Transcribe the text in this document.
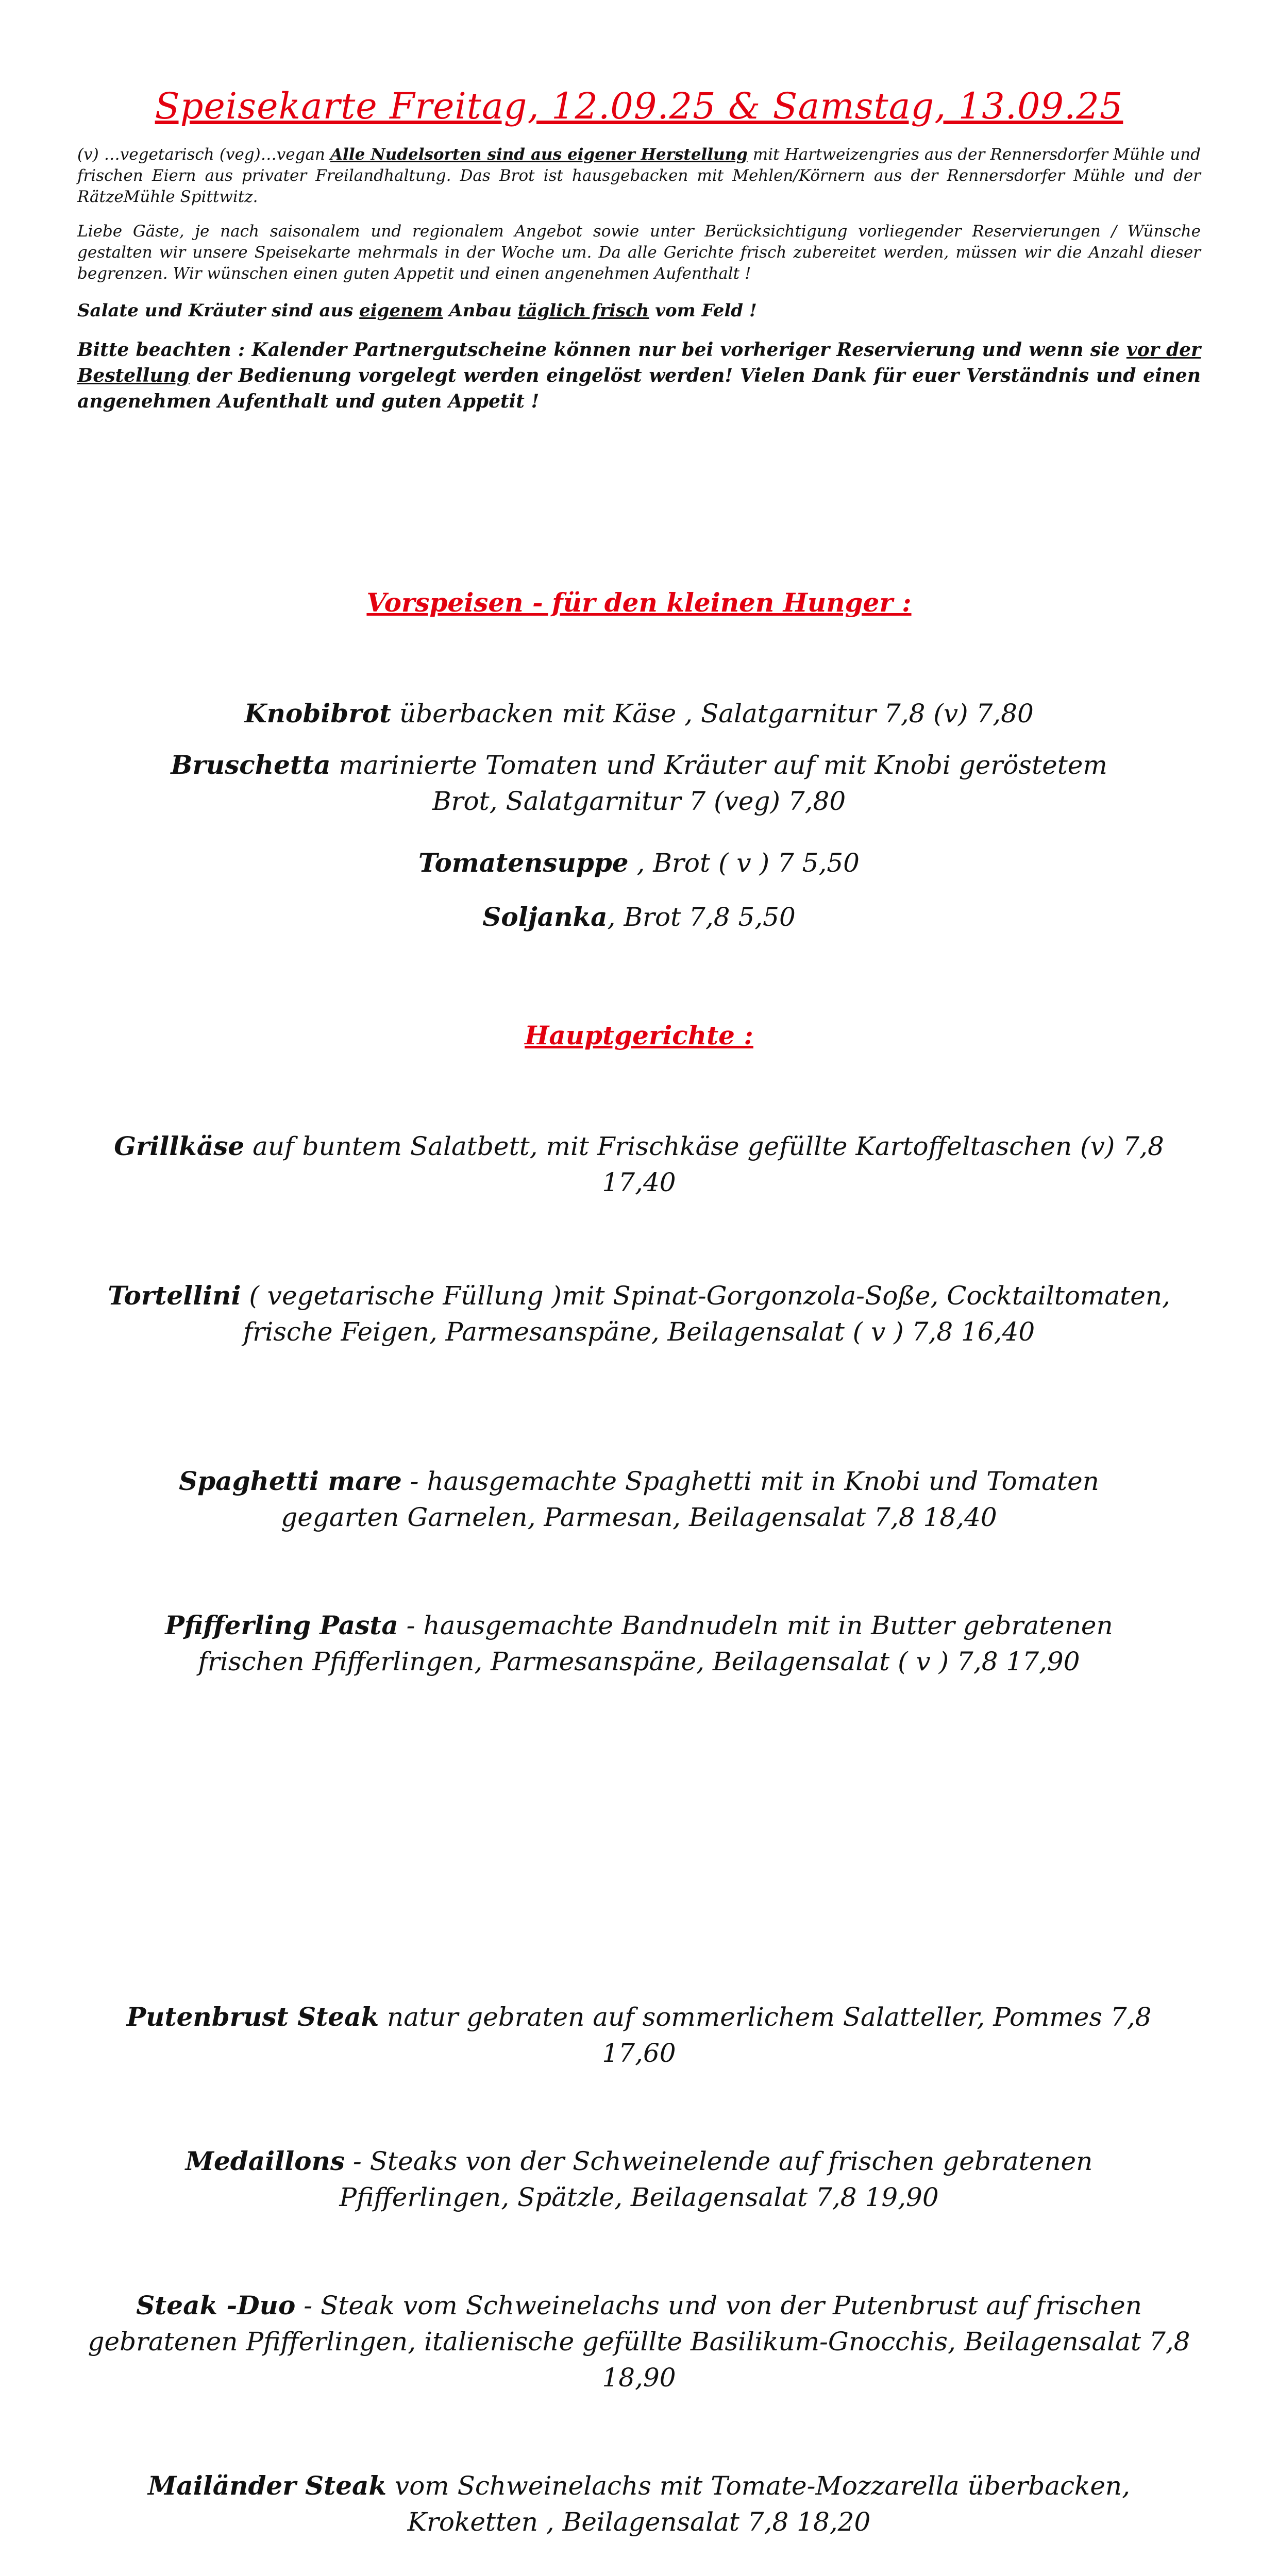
Speisekarte Freitag, 12.09.25 & Samstag, 13.09.25

(v) …vegetarisch (veg)…vegan Alle Nudelsorten sind aus eigener Herstellung mit Hartweizengries aus der Rennersdorfer Mühle und frischen Eiern aus privater Freilandhaltung. Das Brot ist hausgebacken mit Mehlen/Körnern aus der Rennersdorfer Mühle und der RätzeMühle Spittwitz.

Liebe Gäste, je nach saisonalem und regionalem Angebot sowie unter Berücksichtigung vorliegender Reservierungen / Wünsche gestalten wir unsere Speisekarte mehrmals in der Woche um. Da alle Gerichte frisch zubereitet werden, müssen wir die Anzahl dieser begrenzen. Wir wünschen einen guten Appetit und einen angenehmen Aufenthalt !

Salate und Kräuter sind aus eigenem Anbau täglich frisch vom Feld !

Bitte beachten : Kalender Partnergutscheine können nur bei vorheriger Reservierung und wenn sie vor der Bestellung der Bedienung vorgelegt werden eingelöst werden! Vielen Dank für euer Verständnis und einen angenehmen Aufenthalt und guten Appetit !

Vorspeisen - für den kleinen Hunger :

Knobibrot überbacken mit Käse , Salatgarnitur 7,8 (v) 7,80

Bruschetta marinierte Tomaten und Kräuter auf mit Knobi geröstetem Brot, Salatgarnitur 7 (veg) 7,80

Tomatensuppe , Brot ( v ) 7 5,50

Soljanka, Brot 7,8 5,50

Hauptgerichte :

Grillkäse auf buntem Salatbett, mit Frischkäse gefüllte Kartoffeltaschen (v) 7,8 17,40

Tortellini ( vegetarische Füllung )mit Spinat-Gorgonzola-Soße, Cocktailtomaten, frische Feigen, Parmesanspäne, Beilagensalat ( v ) 7,8 16,40

Spaghetti mare - hausgemachte Spaghetti mit in Knobi und Tomaten gegarten Garnelen, Parmesan, Beilagensalat 7,8 18,40

Pfifferling Pasta - hausgemachte Bandnudeln mit in Butter gebratenen frischen Pfifferlingen, Parmesanspäne, Beilagensalat ( v ) 7,8 17,90

Putenbrust Steak natur gebraten auf sommerlichem Salatteller, Pommes 7,8 17,60

Medaillons - Steaks von der Schweinelende auf frischen gebratenen Pfifferlingen, Spätzle, Beilagensalat 7,8 19,90

Steak -Duo - Steak vom Schweinelachs und von der Putenbrust auf frischen gebratenen Pfifferlingen, italienische gefüllte Basilikum-Gnocchis, Beilagensalat 7,8 18,90

Mailänder Steak vom Schweinelachs mit Tomate-Mozzarella überbacken, Kroketten , Beilagensalat 7,8 18,20
